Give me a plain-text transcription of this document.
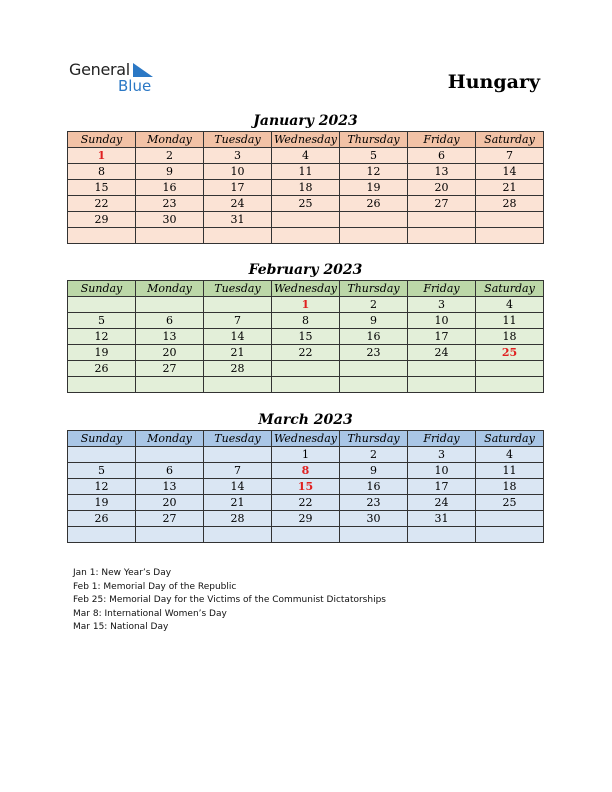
General
Blue	Hungary
January 2023
Sunday	Monday	Tuesday	Wednesday	Thursday	Friday	Saturday
1	2	3	4	5	6	7
8	9	10	11	12	13	14
15	16	17	18	19	20	21
22	23	24	25	26	27	28
29	30	31				

February 2023
Sunday	Monday	Tuesday	Wednesday	Thursday	Friday	Saturday
			1	2	3	4
5	6	7	8	9	10	11
12	13	14	15	16	17	18
19	20	21	22	23	24	25
26	27	28				

March 2023
Sunday	Monday	Tuesday	Wednesday	Thursday	Friday	Saturday
			1	2	3	4
5	6	7	8	9	10	11
12	13	14	15	16	17	18
19	20	21	22	23	24	25
26	27	28	29	30	31	

Jan 1: New Year’s Day
Feb 1: Memorial Day of the Republic
Feb 25: Memorial Day for the Victims of the Communist Dictatorships
Mar 8: International Women’s Day
Mar 15: National Day
